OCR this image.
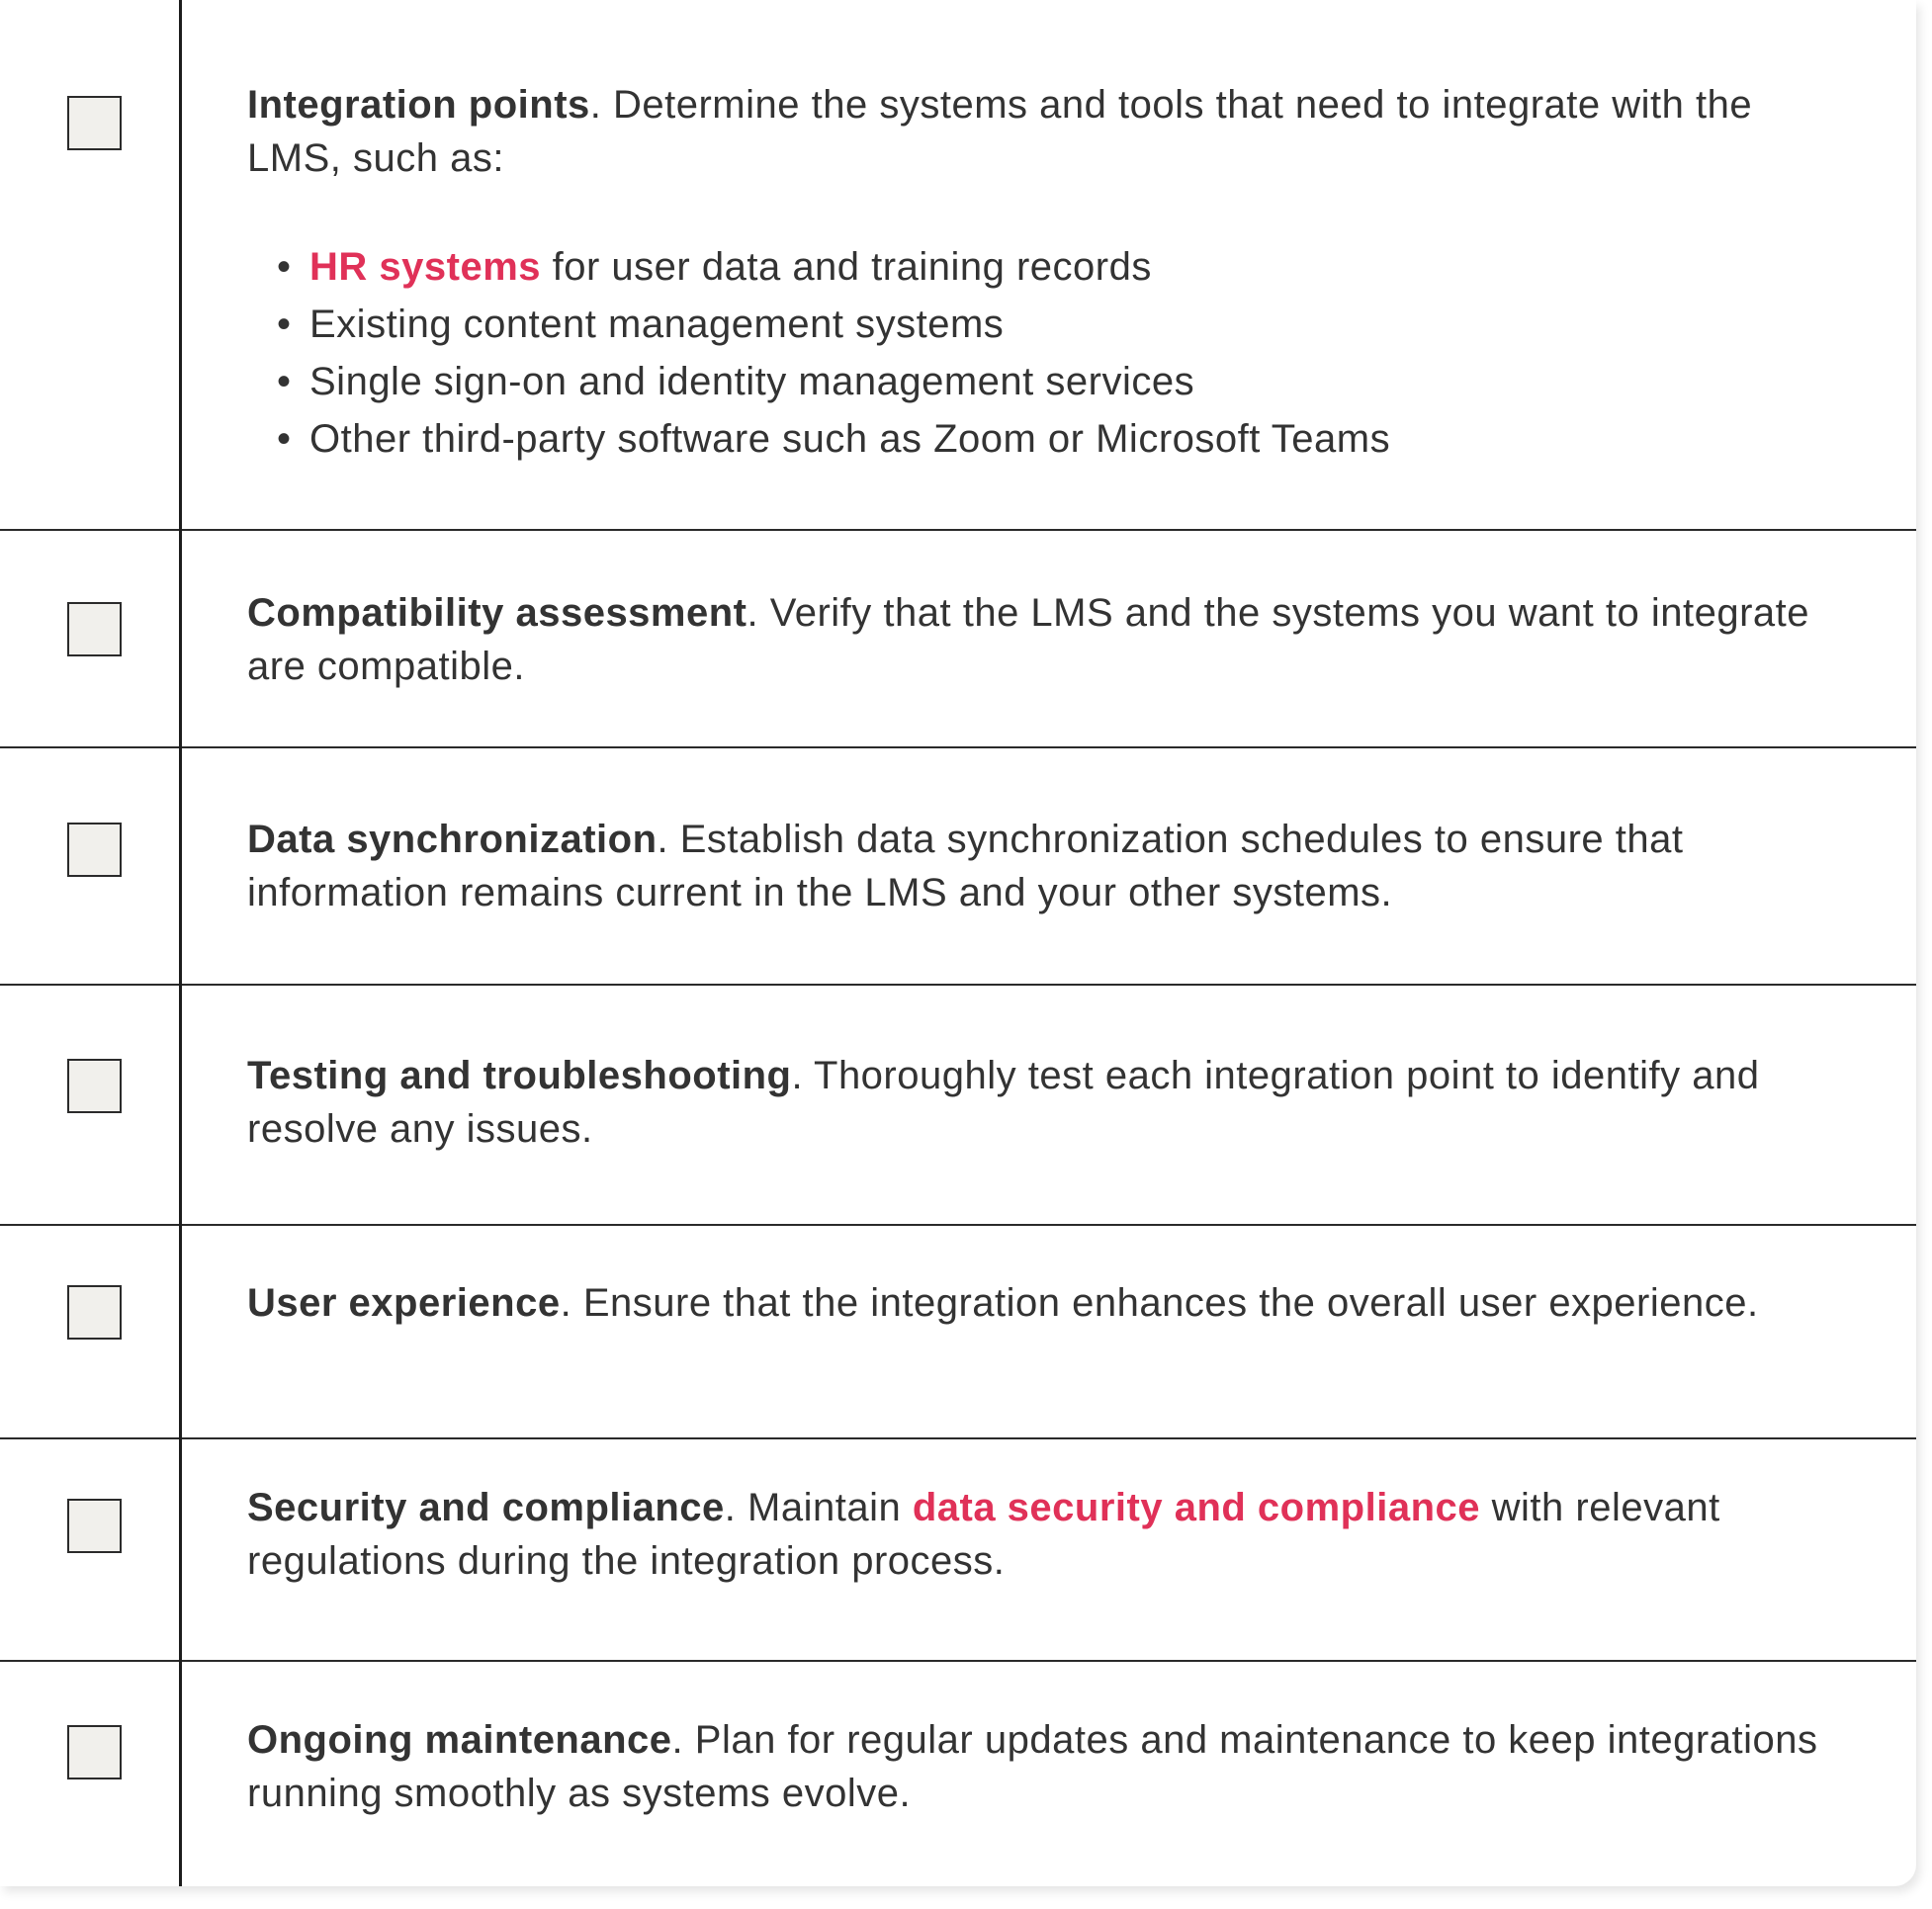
Integration points. Determine the systems and tools that need to integrate with the LMS, such as:
• HR systems for user data and training records
• Existing content management systems
• Single sign-on and identity management services
• Other third-party software such as Zoom or Microsoft Teams
Compatibility assessment. Verify that the LMS and the systems you want to integrate are compatible.
Data synchronization. Establish data synchronization schedules to ensure that information remains current in the LMS and your other systems.
Testing and troubleshooting. Thoroughly test each integration point to identify and resolve any issues.
User experience. Ensure that the integration enhances the overall user experience.
Security and compliance. Maintain data security and compliance with relevant regulations during the integration process.
Ongoing maintenance. Plan for regular updates and maintenance to keep integrations running smoothly as systems evolve.
